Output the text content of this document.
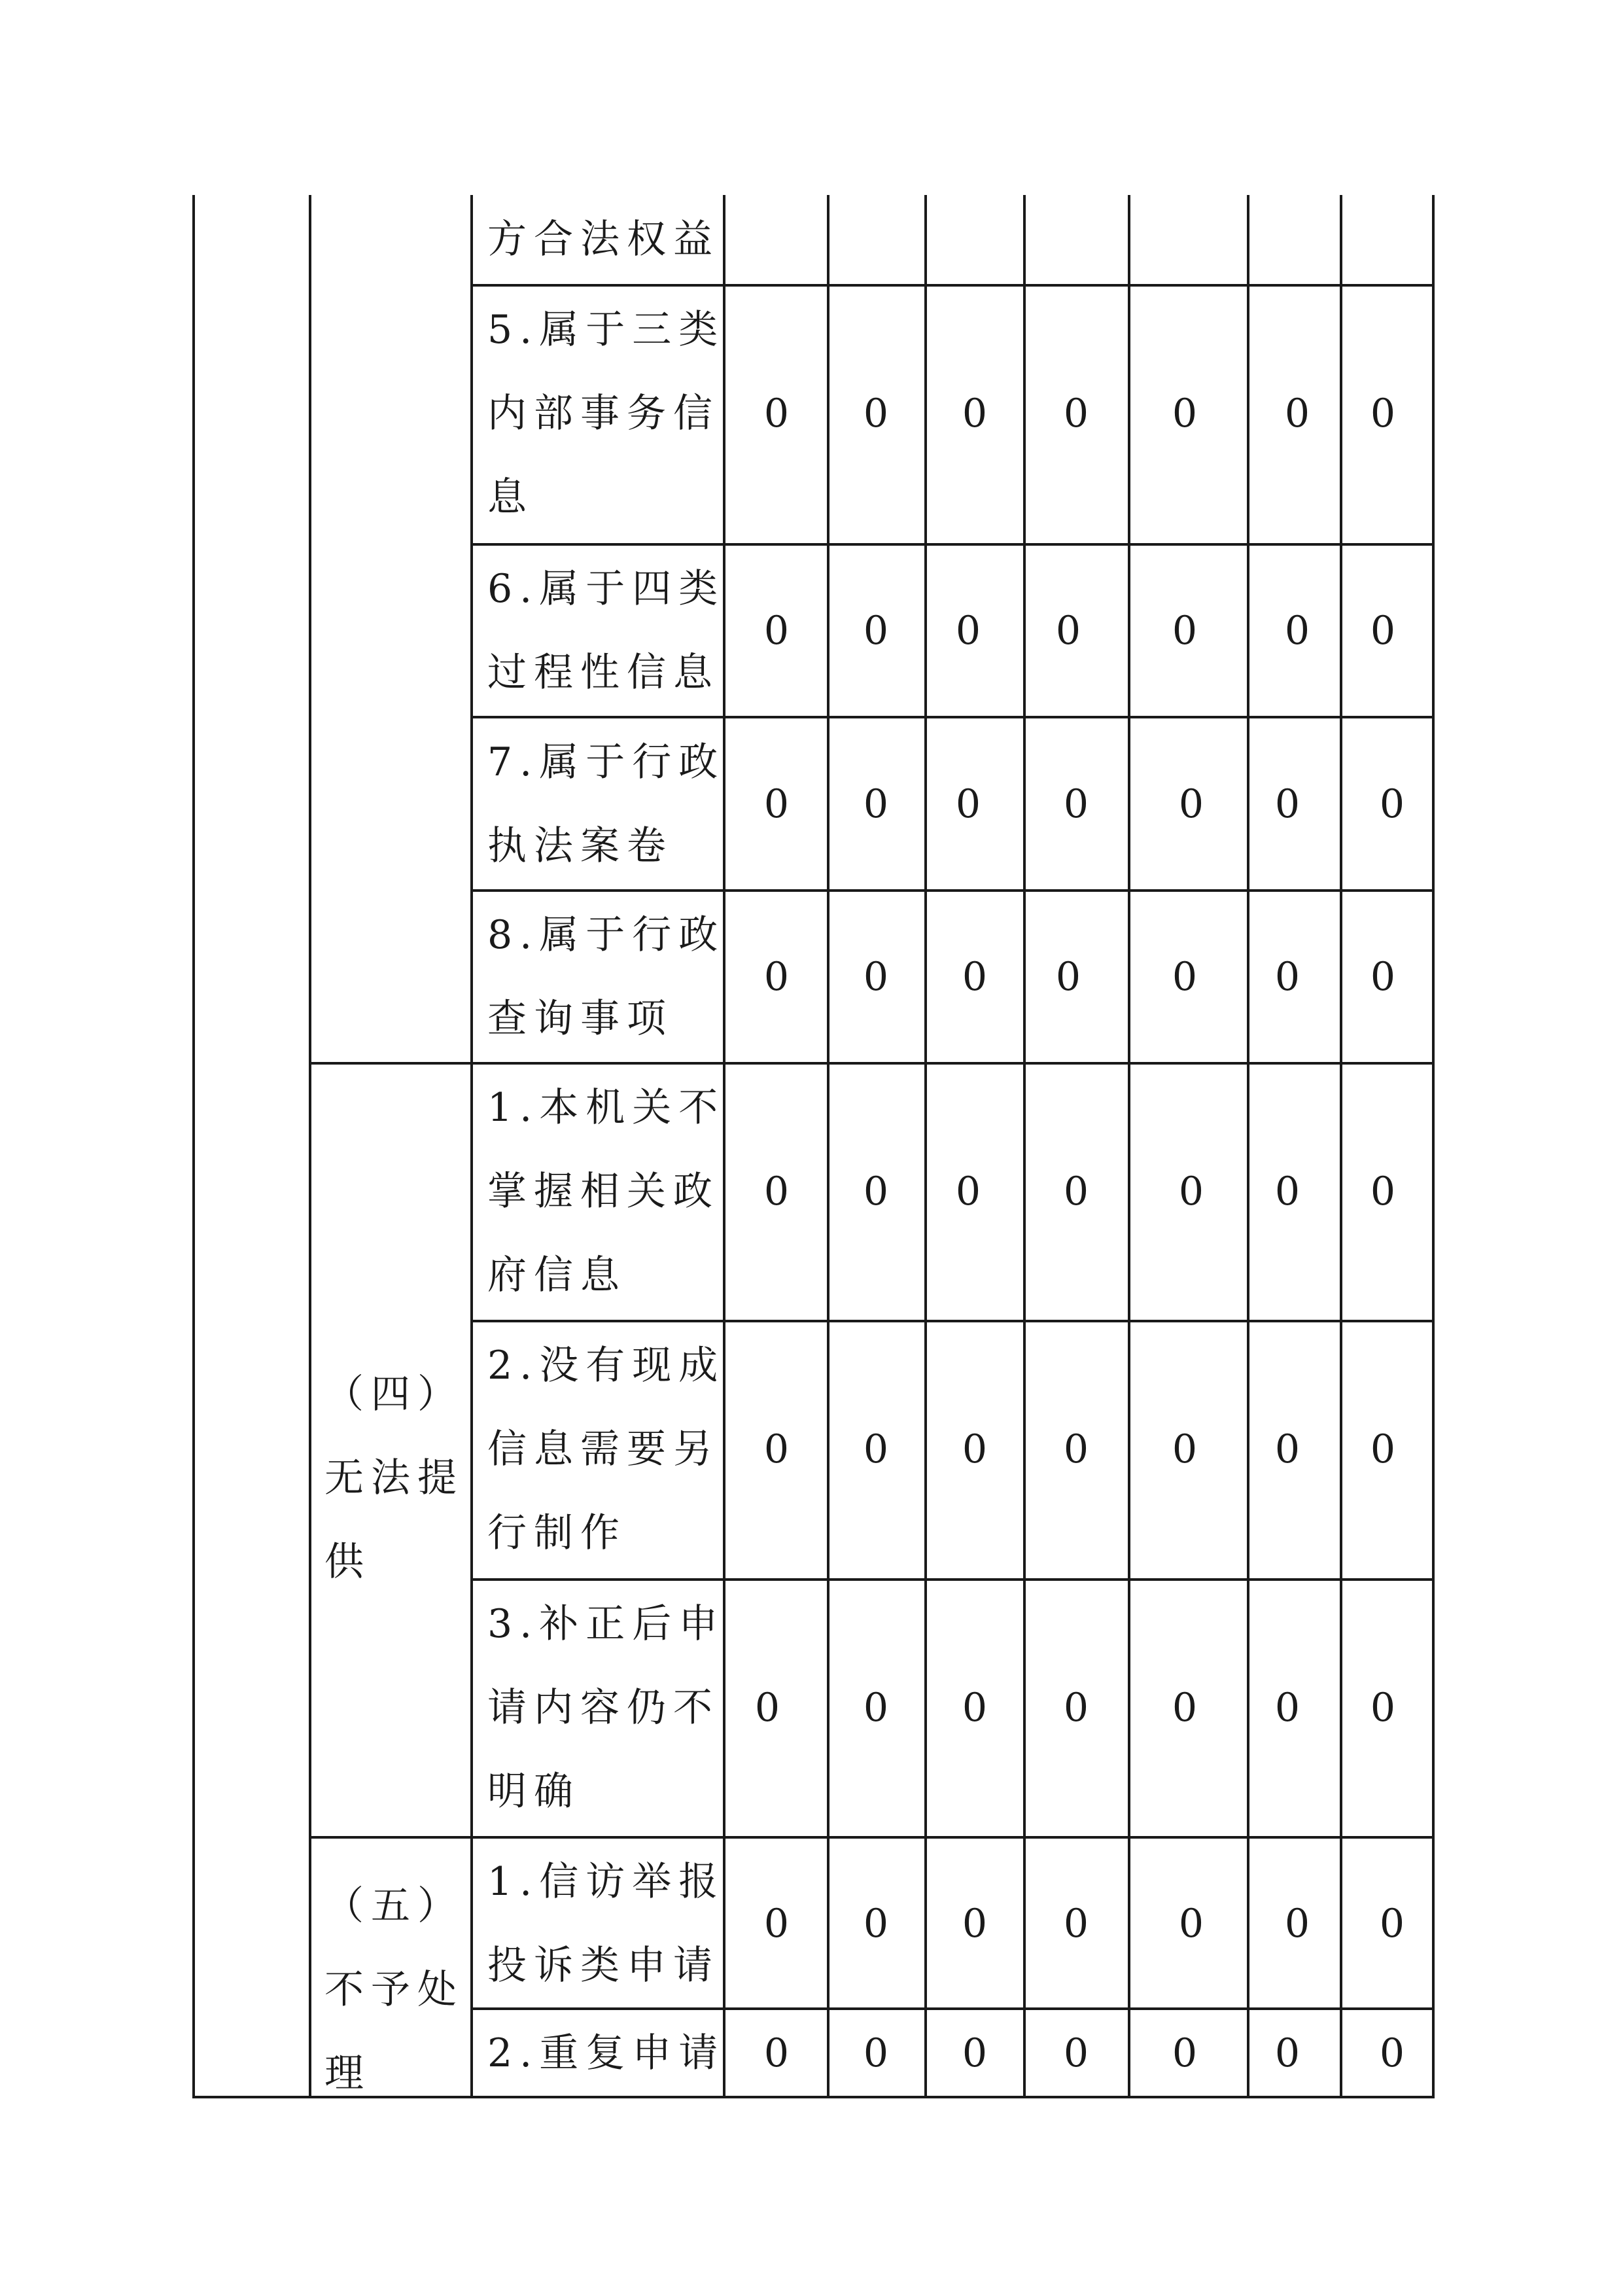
（四）

无法提

供

（五）

不予处

理

方合法权益

5.属于三类

内部事务信

息

0 0 0 0 0 0 0

6.属于四类

过程性信息

0 0 0 0 0 0 0

7.属于行政

执法案卷

0 0 0 0 0 0 0

8.属于行政

查询事项

0 0 0 0 0 0 0

1.本机关不

掌握相关政

府信息

0 0 0 0 0 0 0

2.没有现成

信息需要另

行制作

0 0 0 0 0 0 0

3.补正后申

请内容仍不

明确

0 0 0 0 0 0 0

1.信访举报

投诉类申请

0 0 0 0 0 0 0

2.重复申请 0 0 0 0 0 0 0
